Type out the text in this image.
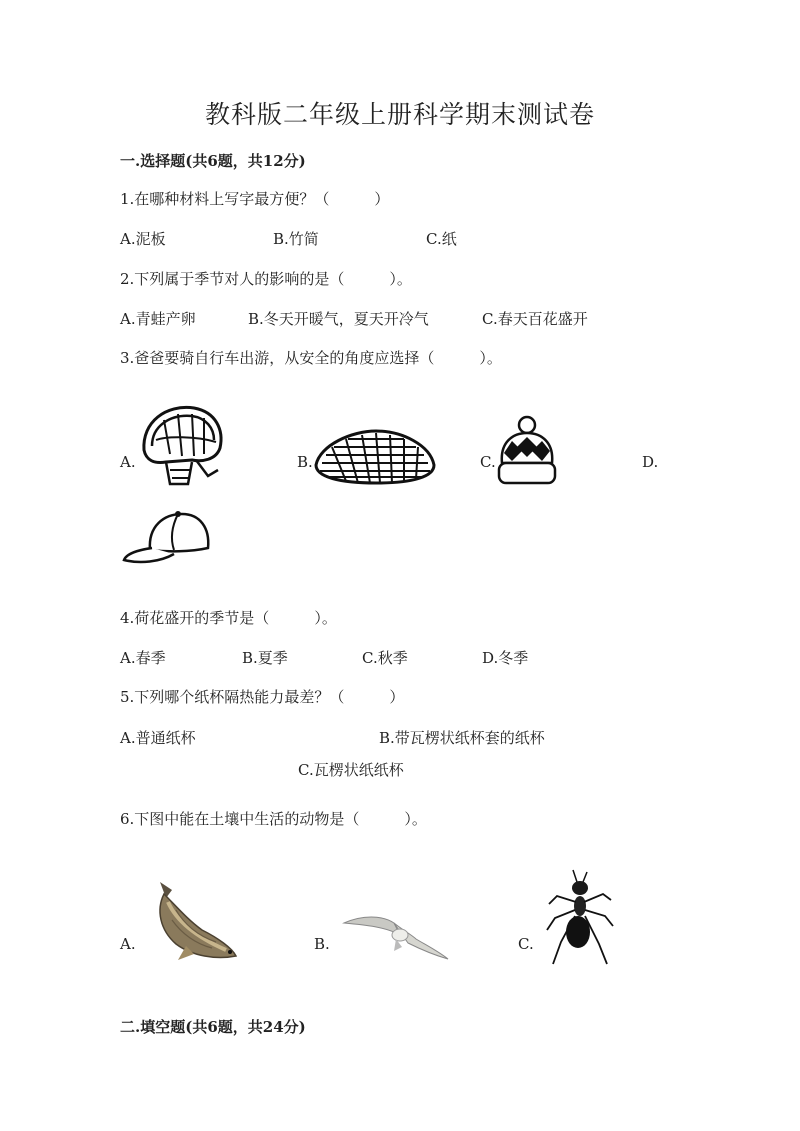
教科版二年级上册科学期末测试卷
一.选择题(共6题，共12分)
1.在哪种材料上写字最方便？（　　　）
A.泥板	B.竹简	C.纸
2.下列属于季节对人的影响的是（　　　）。
A.青蛙产卵	B.冬天开暖气，夏天开冷气	C.春天百花盛开
3.爸爸要骑自行车出游，从安全的角度应选择（　　　）。
A.	B.	C.	D.
4.荷花盛开的季节是（　　　）。
A.春季	B.夏季	C.秋季	D.冬季
5.下列哪个纸杯隔热能力最差？（　　　）
A.普通纸杯	B.带瓦楞状纸杯套的纸杯
C.瓦楞状纸纸杯
6.下图中能在土壤中生活的动物是（　　　）。
A.	B.	C.
二.填空题(共6题，共24分)
